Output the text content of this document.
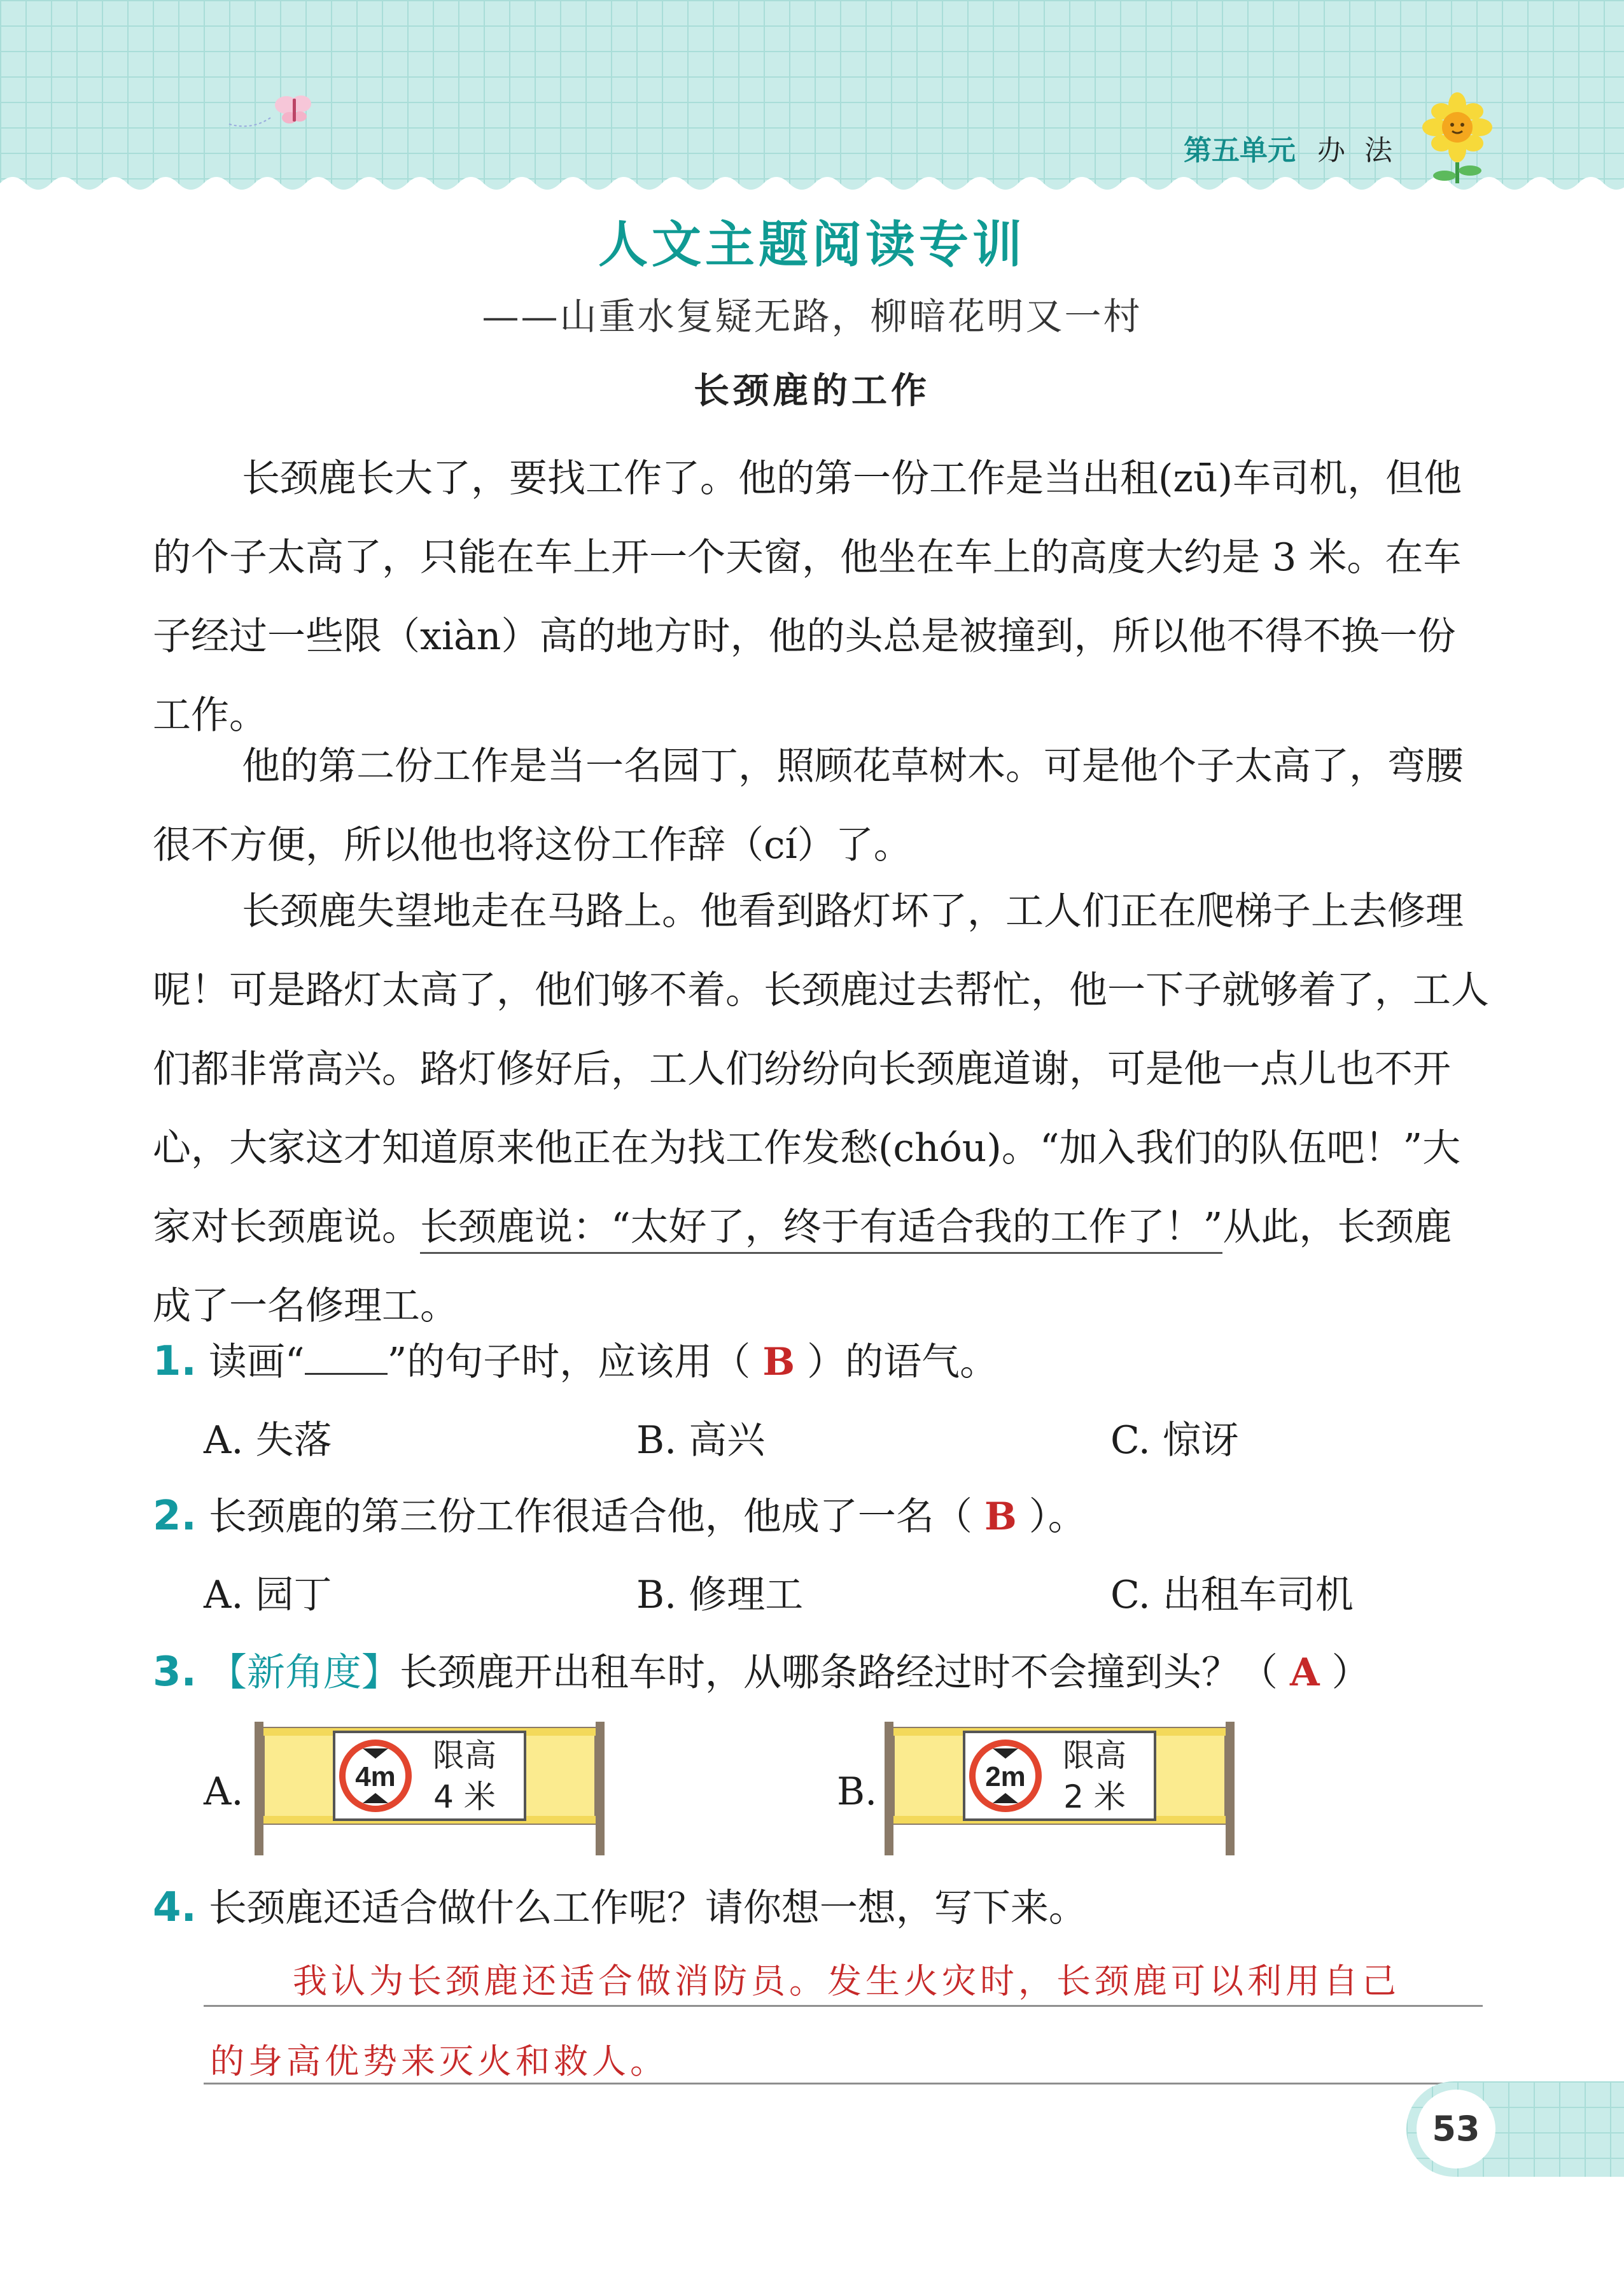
第五单元 办 法
人文主题阅读专训
——山重水复疑无路，柳暗花明又一村
长颈鹿的工作

长颈鹿长大了，要找工作了。他的第一份工作是当出租(zū)车司机，但他的个子太高了，只能在车上开一个天窗，他坐在车上的高度大约是 3 米。在车子经过一些限（xiàn）高的地方时，他的头总是被撞到，所以他不得不换一份工作。

他的第二份工作是当一名园丁，照顾花草树木。可是他个子太高了，弯腰很不方便，所以他也将这份工作辞（cí）了。

长颈鹿失望地走在马路上。他看到路灯坏了，工人们正在爬梯子上去修理呢！可是路灯太高了，他们够不着。长颈鹿过去帮忙，他一下子就够着了，工人们都非常高兴。路灯修好后，工人们纷纷向长颈鹿道谢，可是他一点儿也不开心，大家这才知道原来他正在为找工作发愁(chóu)。“加入我们的队伍吧！”大家对长颈鹿说。长颈鹿说：“太好了，终于有适合我的工作了！”从此，长颈鹿成了一名修理工。

1. 读画“ ”的句子时，应该用（ B ）的语气。
A. 失落	B. 高兴	C. 惊讶
2. 长颈鹿的第三份工作很适合他，他成了一名（ B ）。
A. 园丁	B. 修理工	C. 出租车司机
3. 【新角度】长颈鹿开出租车时，从哪条路经过时不会撞到头？（ A ）
A.	4m
限高
4 米	B.	2m
限高
2 米
4. 长颈鹿还适合做什么工作呢？请你想一想，写下来。
我认为长颈鹿还适合做消防员。发生火灾时，长颈鹿可以利用自己
的身高优势来灭火和救人。
53
